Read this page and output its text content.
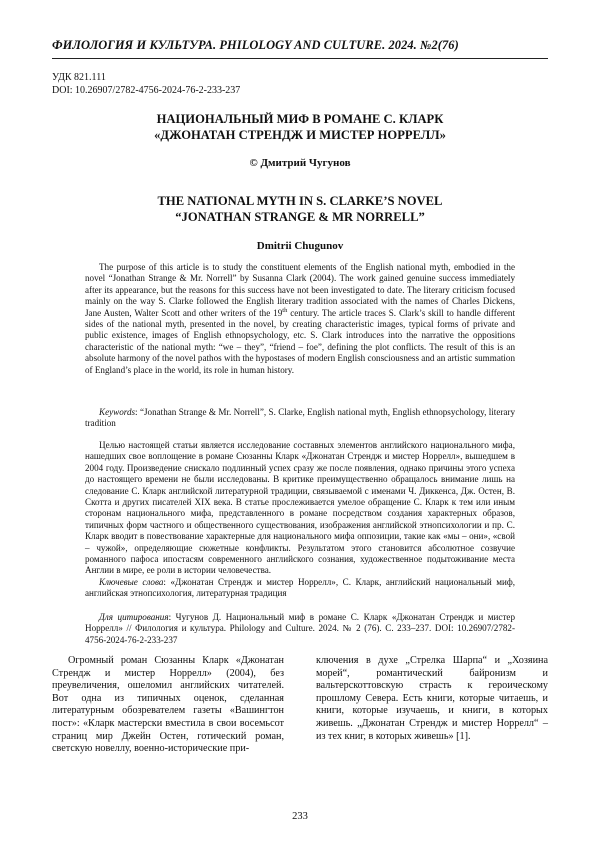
ФИЛОЛОГИЯ И КУЛЬТУРА. PHILOLOGY AND CULTURE. 2024. №2(76)
УДК 821.111
DOI: 10.26907/2782-4756-2024-76-2-233-237
НАЦИОНАЛЬНЫЙ МИФ В РОМАНЕ С. КЛАРК
«ДЖОНАТАН СТРЕНДЖ И МИСТЕР НОРРЕЛЛ»
© Дмитрий Чугунов
THE NATIONAL MYTH IN S. CLARKE’S NOVEL
“JONATHAN STRANGE & MR NORRELL”
Dmitrii Chugunov

The purpose of this article is to study the constituent elements of the English national myth, embodied in the novel “Jonathan Strange & Mr. Norrell” by Susanna Clark (2004). The work gained genuine success immediately after its appearance, but the reasons for this success have not been investigated to date. The literary criticism focused mainly on the way S. Clarke followed the English literary tradition associated with the names of Charles Dickens, Jane Austen, Walter Scott and other writers of the 19th century. The article traces S. Clark’s skill to handle different sides of the national myth, presented in the novel, by creating characteristic images, typical forms of private and public existence, images of English ethnopsychology, etc. S. Clark introduces into the narrative the oppositions characteristic of the national myth: “we – they”, “friend – foe”, defining the plot conflicts. The result of this is an absolute harmony of the novel pathos with the hypostases of modern English consciousness and an artistic summation of England’s place in the world, its role in human history.

Keywords: “Jonathan Strange & Mr. Norrell”, S. Clarke, English national myth, English ethnopsychology, literary tradition

Целью настоящей статьи является исследование составных элементов английского национального мифа, нашедших свое воплощение в романе Сюзанны Кларк «Джонатан Стрендж и мистер Норрелл», вышедшем в 2004 году. Произведение снискало подлинный успех сразу же после появления, однако причины этого успеха до настоящего времени не были исследованы. В критике преимущественно обращалось внимание лишь на следование С. Кларк английской литературной традиции, связываемой с именами Ч. Диккенса, Дж. Остен, В. Скотта и других писателей XIX века. В статье прослеживается умелое обращение С. Кларк к тем или иным сторонам национального мифа, представленного в романе посредством создания характерных образов, типичных форм частного и общественного существования, изображения английской этнопсихологии и пр. С. Кларк вводит в повествование характерные для национального мифа оппозиции, такие как «мы – они», «свой – чужой», определяющие сюжетные конфликты. Результатом этого становится абсолютное созвучие романного пафоса ипостасям современного английского сознания, художественное подытоживание места Англии в мире, ее роли в истории человечества.

Ключевые слова: «Джонатан Стрендж и мистер Норрелл», С. Кларк, английский национальный миф, английская этнопсихология, литературная традиция

Для цитирования: Чугунов Д. Национальный миф в романе С. Кларк «Джонатан Стрендж и мистер Норрелл» // Филология и культура. Philology and Culture. 2024. № 2 (76). С. 233–237. DOI: 10.26907/2782-4756-2024-76-2-233-237

Огромный роман Сюзанны Кларк «Джонатан Стрендж и мистер Норрелл» (2004), без преувеличения, ошеломил английских читателей. Вот одна из типичных оценок, сделанная литературным обозревателем газеты «Вашингтон пост»: «Кларк мастерски вместила в свои восемьсот страниц мир Джейн Остен, готический роман, светскую новеллу, военно-исторические при-

ключения в духе „Стрелка Шарпа“ и „Хозяина морей“, романтический байронизм и вальтерскоттовскую страсть к героическому прошлому Севера. Есть книги, которые читаешь, и книги, которые изучаешь, и книги, в которых живешь. „Джонатан Стрендж и мистер Норрелл“ – из тех книг, в которых живешь» [1].

233
